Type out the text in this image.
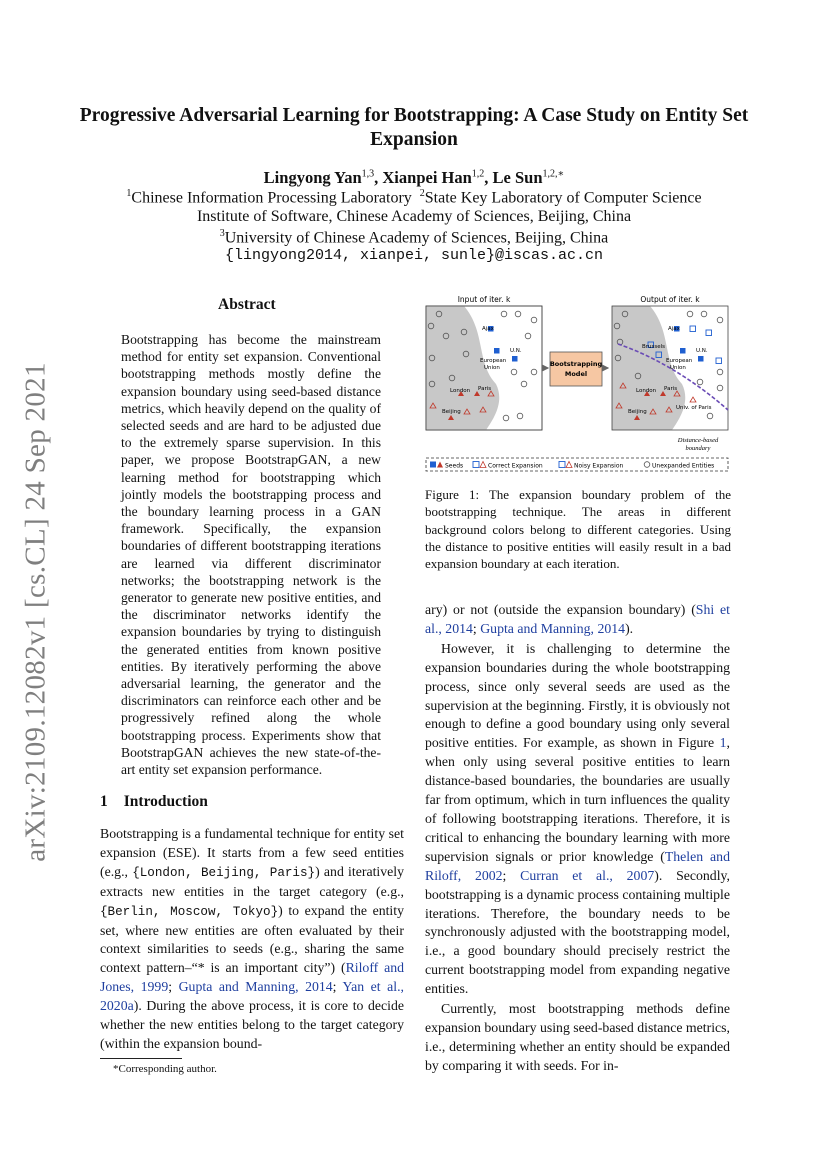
arXiv:2109.12082v1 [cs.CL] 24 Sep 2021
Progressive Adversarial Learning for Bootstrapping: A Case Study on Entity Set Expansion
Lingyong Yan$^{1,3}$, Xianpei Han$^{1,2}$, Le Sun$^{1,2,∗}$
$^1$Chinese Information Processing Laboratory $^2$State Key Laboratory of Computer Science
Institute of Software, Chinese Academy of Sciences, Beijing, China
$^3$University of Chinese Academy of Sciences, Beijing, China
{lingyong2014, xianpei, sunle}@iscas.ac.cn
Abstract
Bootstrapping has become the mainstream method for entity set expansion. Conventional bootstrapping methods mostly define the expansion boundary using seed-based distance metrics, which heavily depend on the quality of selected seeds and are hard to be adjusted due to the extremely sparse supervision. In this paper, we propose BootstrapGAN, a new learning method for bootstrapping which jointly models the bootstrapping process and the boundary learning process in a GAN framework. Specifically, the expansion boundaries of different bootstrapping iterations are learned via different discriminator networks; the bootstrapping network is the generator to generate new positive entities, and the discriminator networks identify the expansion boundaries by trying to distinguish the generated entities from known positive entities. By iteratively performing the above adversarial learning, the generator and the discriminators can reinforce each other and be progressively refined along the whole bootstrapping process. Experiments show that BootstrapGAN achieves the new state-of-the-art entity set expansion performance.
1 Introduction
Bootstrapping is a fundamental technique for entity set expansion (ESE). It starts from a few seed entities (e.g., {London, Beijing, Paris}) and iteratively extracts new entities in the target category (e.g., {Berlin, Moscow, Tokyo}) to expand the entity set, where new entities are often evaluated by their context similarities to seeds (e.g., sharing the same context pattern–“* is an important city”) (Riloff and Jones, 1999; Gupta and Manning, 2014; Yan et al., 2020a). During the above process, it is core to decide whether the new entities belong to the target category (within the expansion bound-
*Corresponding author.
Input of iter. k	Output of iter. k
Ajax
U.N.
European
Union
London Paris
Beijing
Bootstrapping
Model
Ajax
Brussels
U.N.
European
Union
London Paris
Beijing
Univ. of Paris
Distance-based
boundary
Seeds	Correct Expansion	Noisy Expansion	Unexpanded Entities
Figure 1: The expansion boundary problem of the bootstrapping technique. The areas in different background colors belong to different categories. Using the distance to positive entities will easily result in a bad expansion boundary at each iteration.

ary) or not (outside the expansion boundary) (Shi et al., 2014; Gupta and Manning, 2014).

However, it is challenging to determine the expansion boundaries during the whole bootstrapping process, since only several seeds are used as the supervision at the beginning. Firstly, it is obviously not enough to define a good boundary using only several positive entities. For example, as shown in Figure 1, when only using several positive entities to learn distance-based boundaries, the boundaries are usually far from optimum, which in turn influences the quality of following bootstrapping iterations. Therefore, it is critical to enhancing the boundary learning with more supervision signals or prior knowledge (Thelen and Riloff, 2002; Curran et al., 2007). Secondly, bootstrapping is a dynamic process containing multiple iterations. Therefore, the boundary needs to be synchronously adjusted with the bootstrapping model, i.e., a good boundary should precisely restrict the current bootstrapping model from expanding negative entities.

Currently, most bootstrapping methods define expansion boundary using seed-based distance metrics, i.e., determining whether an entity should be expanded by comparing it with seeds. For in-
